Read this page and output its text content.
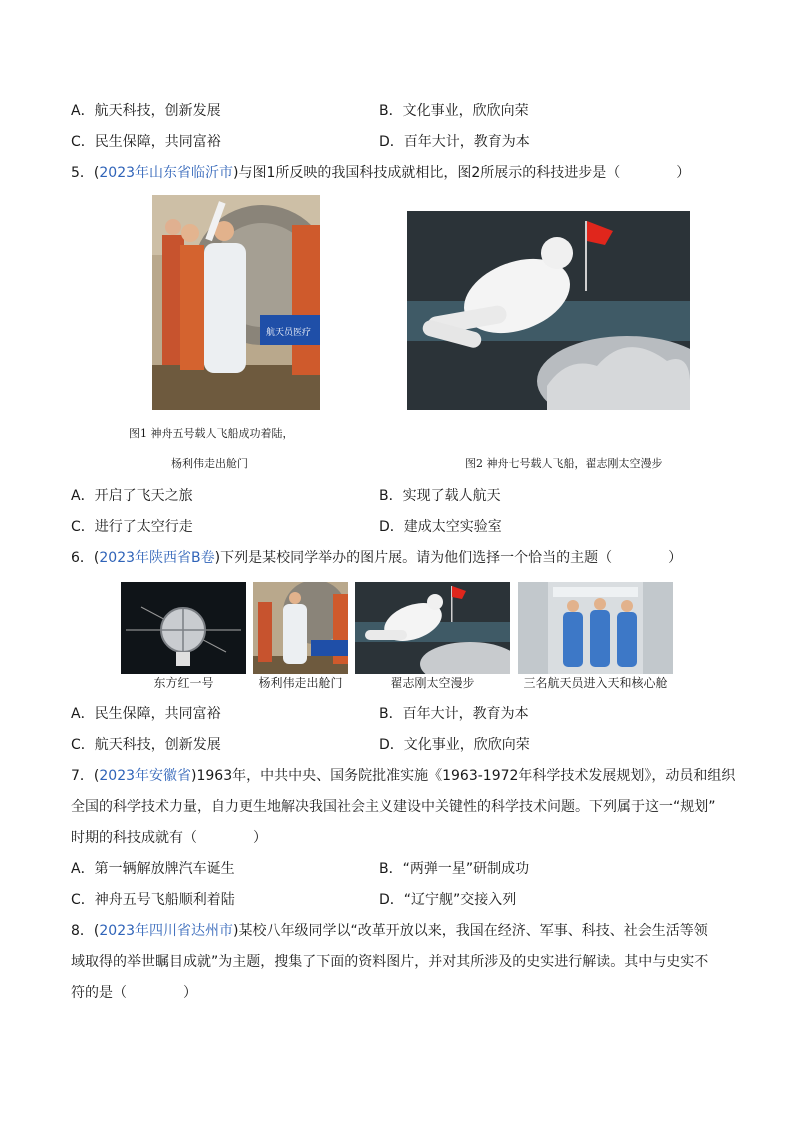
A．航天科技，创新发展	B．文化事业，欣欣向荣
C．民生保障，共同富裕	D．百年大计，教育为本
5．(2023年山东省临沂市)与图1所反映的我国科技成就相比，图2所展示的科技进步是（　　　　）
航天员医疗
图1 神舟五号载人飞船成功着陆，
杨利伟走出舱门	图2 神舟七号载人飞船，翟志刚太空漫步
A．开启了飞天之旅	B．实现了载人航天
C．进行了太空行走	D．建成太空实验室
6．(2023年陕西省B卷)下列是某校同学举办的图片展。请为他们选择一个恰当的主题（　　　　）
东方红一号	杨利伟走出舱门	翟志刚太空漫步	三名航天员进入天和核心舱
A．民生保障，共同富裕	B．百年大计，教育为本
C．航天科技，创新发展	D．文化事业，欣欣向荣
7．(2023年安徽省)1963年，中共中央、国务院批准实施《1963-1972年科学技术发展规划》，动员和组织
全国的科学技术力量，自力更生地解决我国社会主义建设中关键性的科学技术问题。下列属于这一“规划”
时期的科技成就有（　　　　）
A．第一辆解放牌汽车诞生	B．“两弹一星”研制成功
C．神舟五号飞船顺利着陆	D．“辽宁舰”交接入列
8．(2023年四川省达州市)某校八年级同学以“改革开放以来，我国在经济、军事、科技、社会生活等领
域取得的举世瞩目成就”为主题，搜集了下面的资料图片，并对其所涉及的史实进行解读。其中与史实不
符的是（　　　　）
